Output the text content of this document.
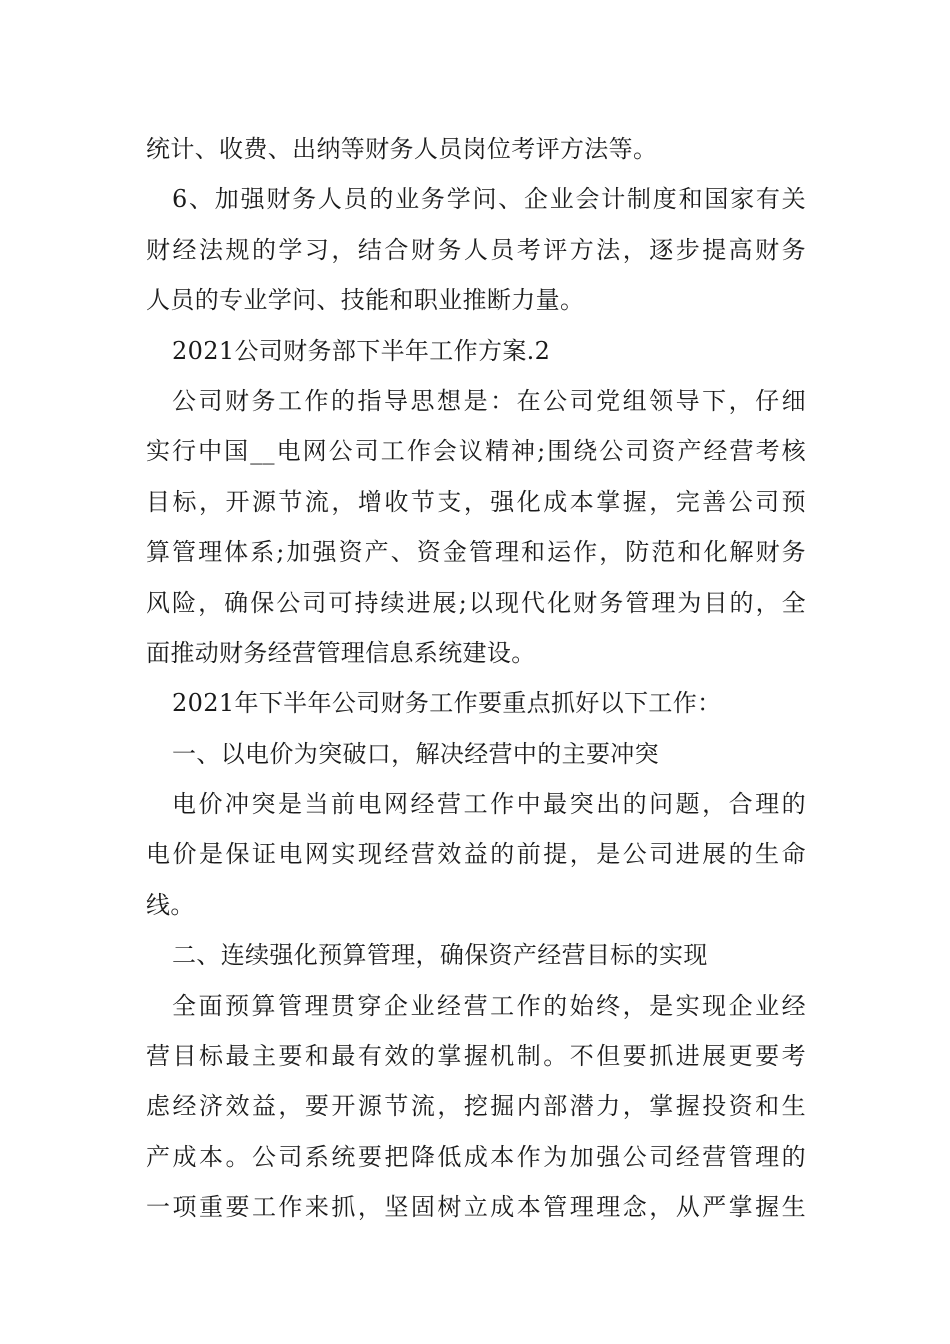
统计、收费、出纳等财务人员岗位考评方法等。
6、加强财务人员的业务学问、企业会计制度和国家有关
财经法规的学习，结合财务人员考评方法，逐步提高财务
人员的专业学问、技能和职业推断力量。
2021公司财务部下半年工作方案.2
公司财务工作的指导思想是：在公司党组领导下，仔细
实行中国__电网公司工作会议精神;围绕公司资产经营考核
目标，开源节流，增收节支，强化成本掌握，完善公司预
算管理体系;加强资产、资金管理和运作，防范和化解财务
风险，确保公司可持续进展;以现代化财务管理为目的，全
面推动财务经营管理信息系统建设。
2021年下半年公司财务工作要重点抓好以下工作：
一、以电价为突破口，解决经营中的主要冲突
电价冲突是当前电网经营工作中最突出的问题，合理的
电价是保证电网实现经营效益的前提，是公司进展的生命
线。
二、连续强化预算管理，确保资产经营目标的实现
全面预算管理贯穿企业经营工作的始终，是实现企业经
营目标最主要和最有效的掌握机制。不但要抓进展更要考
虑经济效益，要开源节流，挖掘内部潜力，掌握投资和生
产成本。公司系统要把降低成本作为加强公司经营管理的
一项重要工作来抓，坚固树立成本管理理念，从严掌握生
